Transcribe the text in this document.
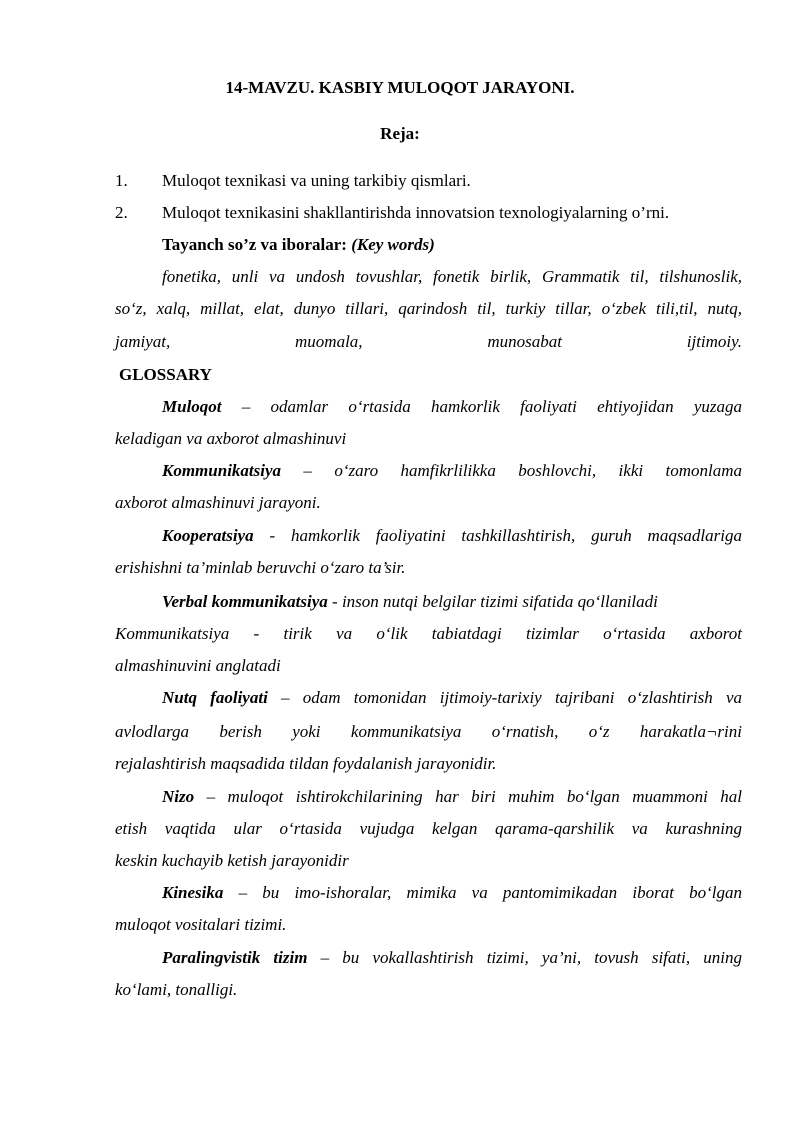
14-MAVZU. KASBIY MULOQOT JARAYONI.
Reja:
1. Muloqot texnikasi va uning tarkibiy qismlari.
2. Muloqot texnikasini shakllantirishda innovatsion texnologiyalarning o’rni.
Tayanch so’z va iboralar: (Key words)
fonetika, unli va undosh tovushlar, fonetik birlik, Grammatik til, tilshunoslik,
so‘z, xalq, millat, elat, dunyo tillari, qarindosh til, turkiy tillar, o‘zbek tili,til, nutq,
jamiyat, muomala, munosabat ijtimoiy.
GLOSSARY
Muloqot – odamlar o‘rtasida hamkorlik faoliyati ehtiyojidan yuzaga
keladigan va axborot almashinuvi
Kommunikatsiya – o‘zaro hamfikrlilikka boshlovchi, ikki tomonlama
axborot almashinuvi jarayoni.
Kooperatsiya - hamkorlik faoliyatini tashkillashtirish, guruh maqsadlariga
erishishni ta’minlab beruvchi o‘zaro ta’sir.
Verbal kommunikatsiya - inson nutqi belgilar tizimi sifatida qo‘llaniladi
Kommunikatsiya - tirik va o‘lik tabiatdagi tizimlar o‘rtasida axborot
almashinuvini anglatadi
Nutq faoliyati – odam tomonidan ijtimoiy-tarixiy tajribani o‘zlashtirish va
avlodlarga berish yoki kommunikatsiya o‘rnatish, o‘z harakatla¬rini
rejalashtirish maqsadida tildan foydalanish jarayonidir.
Nizo – muloqot ishtirokchilarining har biri muhim bo‘lgan muammoni hal
etish vaqtida ular o‘rtasida vujudga kelgan qarama-qarshilik va kurashning
keskin kuchayib ketish jarayonidir
Kinesika – bu imo-ishoralar, mimika va pantomimikadan iborat bo‘lgan
muloqot vositalari tizimi.
Paralingvistik tizim – bu vokallashtirish tizimi, ya’ni, tovush sifati, uning
ko‘lami, tonalligi.
